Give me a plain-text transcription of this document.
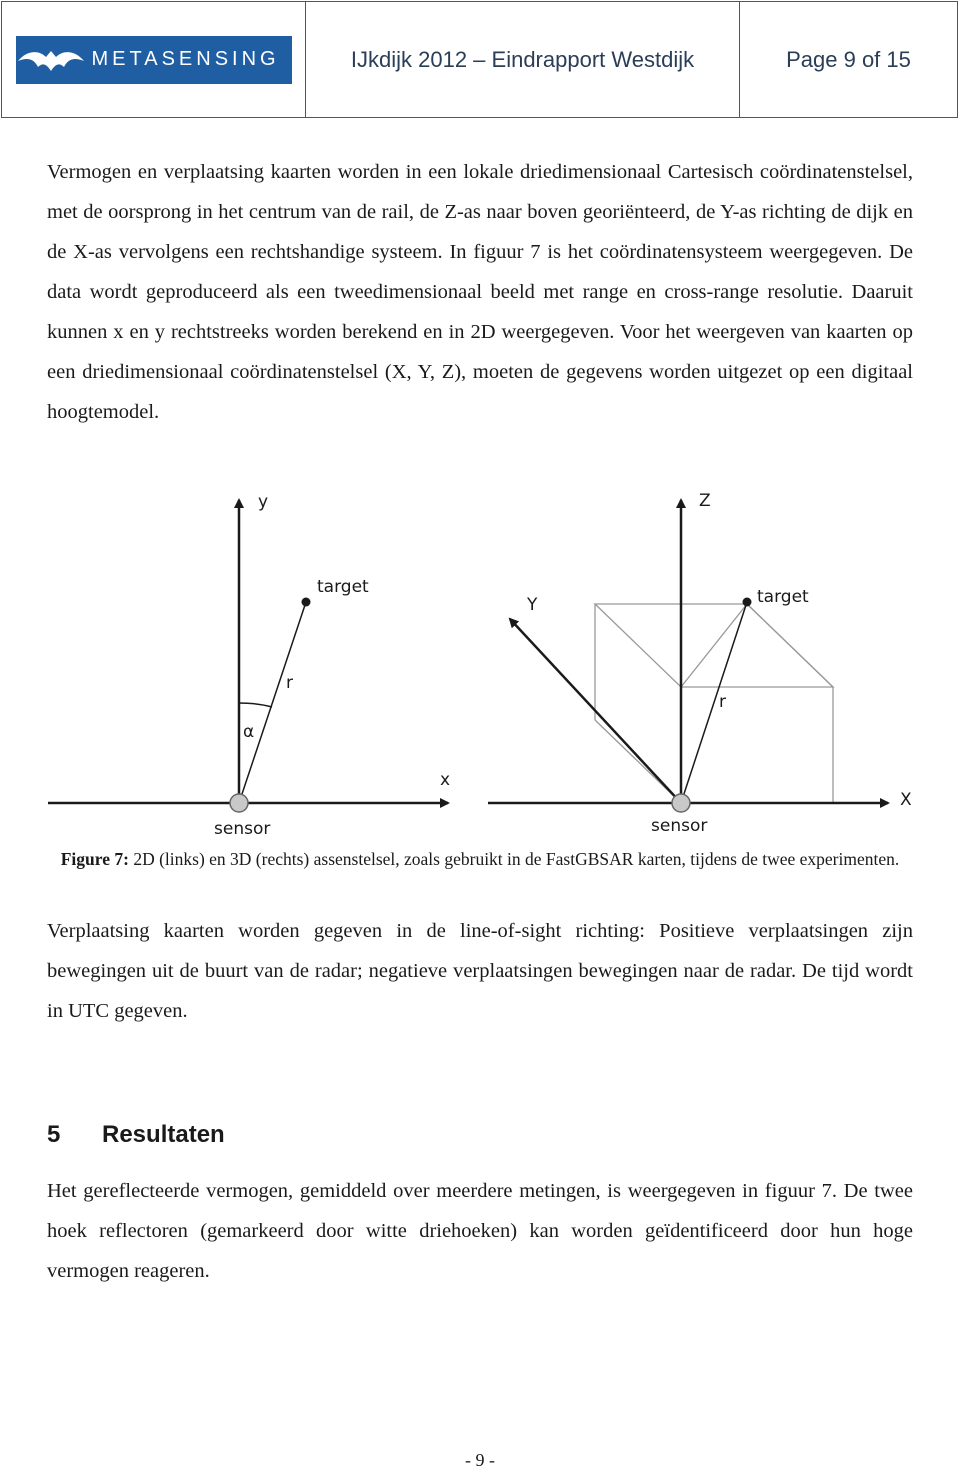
METASENSING	IJkdijk 2012 – Eindrapport Westdijk	Page 9 of 15

Vermogen en verplaatsing kaarten worden in een lokale driedimensionaal Cartesisch coördinatenstelsel, met de oorsprong in het centrum van de rail, de Z-as naar boven georiënteerd, de Y-as richting de dijk en de X-as vervolgens een rechtshandige systeem. In figuur 7 is het coördinatensysteem weergegeven. De data wordt geproduceerd als een tweedimensionaal beeld met range en cross-range resolutie. Daaruit kunnen x en y rechtstreeks worden berekend en in 2D weergegeven. Voor het weergeven van kaarten op een driedimensionaal coördinatenstelsel (X, Y, Z), moeten de gegevens worden uitgezet op een digitaal hoogtemodel.

y
x
target
r
α
sensor
Z
Y
X
target
r
sensor
Figure 7: 2D (links) en 3D (rechts) assenstelsel, zoals gebruikt in de FastGBSAR karten, tijdens de twee experimenten.

Verplaatsing kaarten worden gegeven in de line-of-sight richting: Positieve verplaatsingen zijn bewegingen uit de buurt van de radar; negatieve verplaatsingen bewegingen naar de radar. De tijd wordt in UTC gegeven.

5	Resultaten

Het gereflecteerde vermogen, gemiddeld over meerdere metingen, is weergegeven in figuur 7. De twee hoek reflectoren (gemarkeerd door witte driehoeken) kan worden geïdentificeerd door hun hoge vermogen reageren.

- 9 -
